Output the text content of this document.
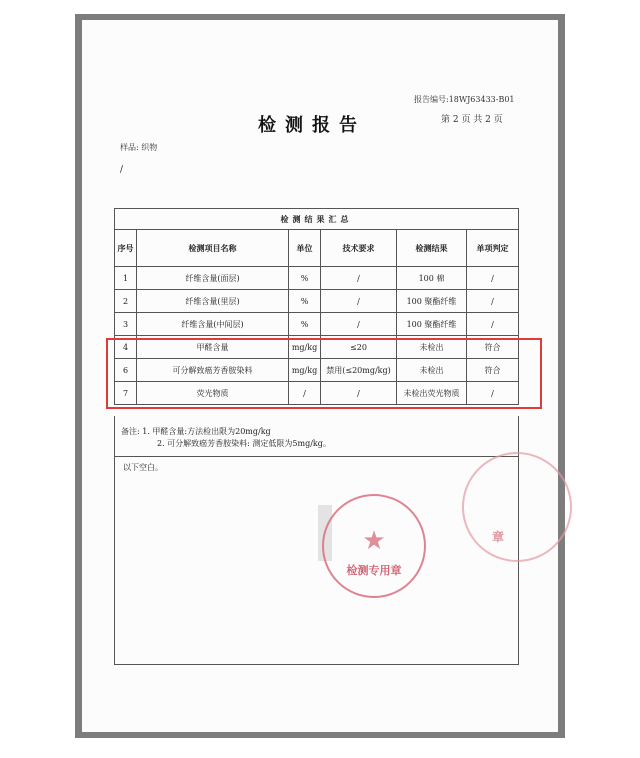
检测报告
报告编号:18WJ63433-B01
第 2 页 共 2 页
样品: 织物
/
检测结果汇总					
序号	检测项目名称	单位	技术要求	检测结果	单项判定
1	纤维含量(面层)	%	/	100 棉	/
2	纤维含量(里层)	%	/	100 聚酯纤维	/
3	纤维含量(中间层)	%	/	100 聚酯纤维	/
4	甲醛含量	mg/kg	≤20	未检出	符合
6	可分解致癌芳香胺染料	mg/kg	禁用(≤20mg/kg)	未检出	符合
7	荧光物质	/	/	未检出荧光物质	/
备注: 1. 甲醛含量:方法检出限为20mg/kg
2. 可分解致癌芳香胺染料: 测定低限为5mg/kg。
以下空白。
★
检测专用章
章
